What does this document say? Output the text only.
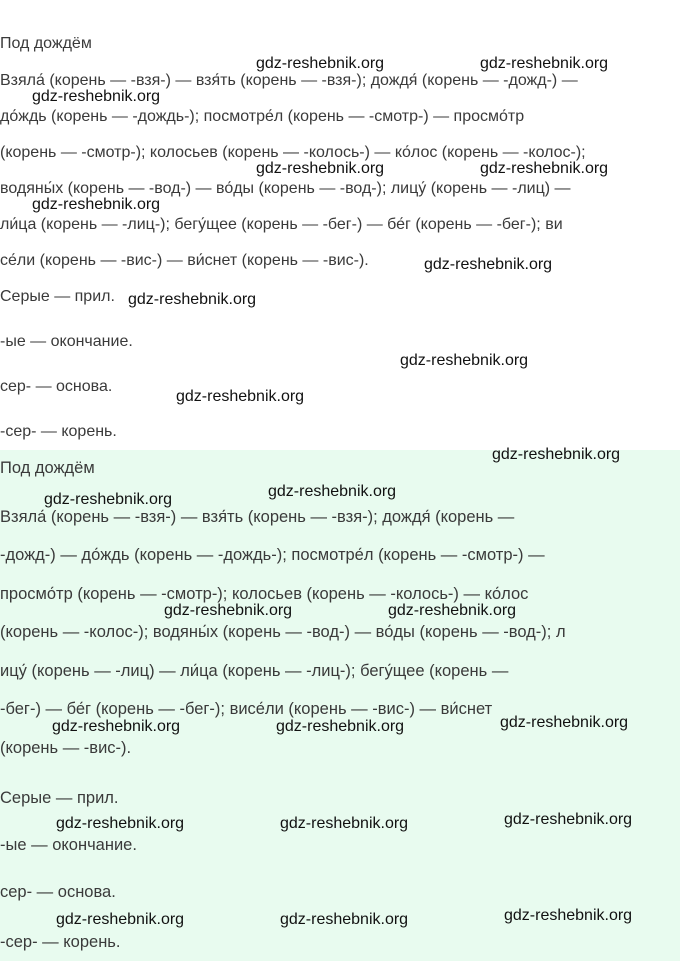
Под дождём

Взяла́ (корень — -взя-) — взя́ть (корень — -взя-); дождя́ (корень — -дожд-) —

до́ждь (корень — -дождь-); посмотре́л (корень — -смотр-) — просмо́тр

(корень — -смотр-); колосьев (корень — -колось-) — ко́лос (корень — -колос-);

водяны́х (корень — -вод-) — во́ды (корень — -вод-); лицу́ (корень — -лиц) —

ли́ца (корень — -лиц-); бегу́щее (корень — -бег-) — бе́г (корень — -бег-); ви

се́ли (корень — -вис-) — ви́снет (корень — -вис-).

Серые — прил.

-ые — окончание.

сер- — основа.

-сер- — корень.

gdz-reshebnik.org	gdz-reshebnik.org
gdz-reshebnik.org
gdz-reshebnik.org	gdz-reshebnik.org
gdz-reshebnik.org
gdz-reshebnik.org
gdz-reshebnik.org
gdz-reshebnik.org
gdz-reshebnik.org

Под дождём

Взяла́ (корень — -взя-) — взя́ть (корень — -взя-); дождя́ (корень —

-дожд-) — до́ждь (корень — -дождь-); посмотре́л (корень — -смотр-) —

просмо́тр (корень — -смотр-); колосьев (корень — -колось-) — ко́лос

(корень — -колос-); водяны́х (корень — -вод-) — во́ды (корень — -вод-); л

ицу́ (корень — -лиц) — ли́ца (корень — -лиц-); бегу́щее (корень —

-бег-) — бе́г (корень — -бег-); висе́ли (корень — -вис-) — ви́снет

(корень — -вис-).

Серые — прил.

-ые — окончание.

сер- — основа.

-сер- — корень.

gdz-reshebnik.org
gdz-reshebnik.org
gdz-reshebnik.org
gdz-reshebnik.org	gdz-reshebnik.org
gdz-reshebnik.org	gdz-reshebnik.org	gdz-reshebnik.org
gdz-reshebnik.org	gdz-reshebnik.org	gdz-reshebnik.org
gdz-reshebnik.org	gdz-reshebnik.org	gdz-reshebnik.org
